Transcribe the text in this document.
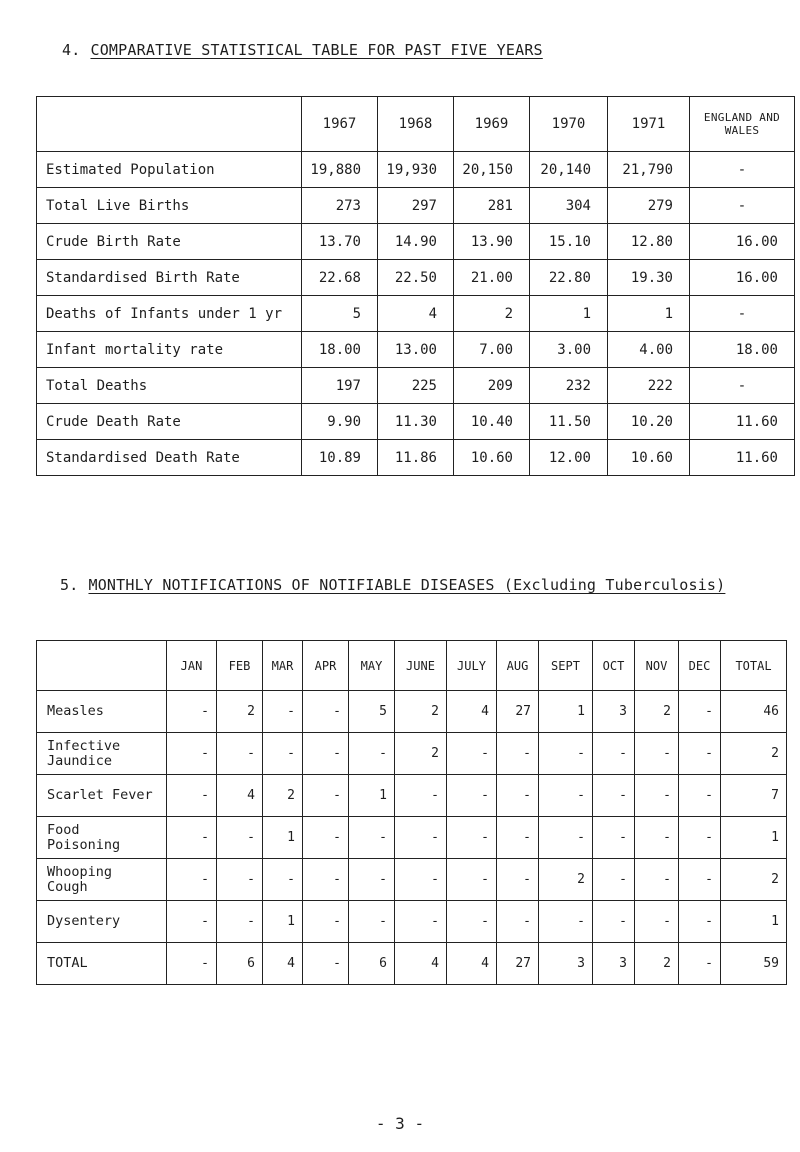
4. COMPARATIVE STATISTICAL TABLE FOR PAST FIVE YEARS
	1967	1968	1969	1970	1971	ENGLAND AND WALES
Estimated Population	19,880	19,930	20,150	20,140	21,790	-
Total Live Births	273	297	281	304	279	-
Crude Birth Rate	13.70	14.90	13.90	15.10	12.80	16.00
Standardised Birth Rate	22.68	22.50	21.00	22.80	19.30	16.00
Deaths of Infants under 1 yr	5	4	2	1	1	-
Infant mortality rate	18.00	13.00	7.00	3.00	4.00	18.00
Total Deaths	197	225	209	232	222	-
Crude Death Rate	9.90	11.30	10.40	11.50	10.20	11.60
Standardised Death Rate	10.89	11.86	10.60	12.00	10.60	11.60
5. MONTHLY NOTIFICATIONS OF NOTIFIABLE DISEASES (Excluding Tuberculosis)
	JAN	FEB	MAR	APR	MAY	JUNE	JULY	AUG	SEPT	OCT	NOV	DEC	TOTAL
Measles	-	2	-	-	5	2	4	27	1	3	2	-	46
Infective Jaundice	-	-	-	-	-	2	-	-	-	-	-	-	2
Scarlet Fever	-	4	2	-	1	-	-	-	-	-	-	-	7
Food Poisoning	-	-	1	-	-	-	-	-	-	-	-	-	1
Whooping Cough	-	-	-	-	-	-	-	-	2	-	-	-	2
Dysentery	-	-	1	-	-	-	-	-	-	-	-	-	1
TOTAL	-	6	4	-	6	4	4	27	3	3	2	-	59
- 3 -
